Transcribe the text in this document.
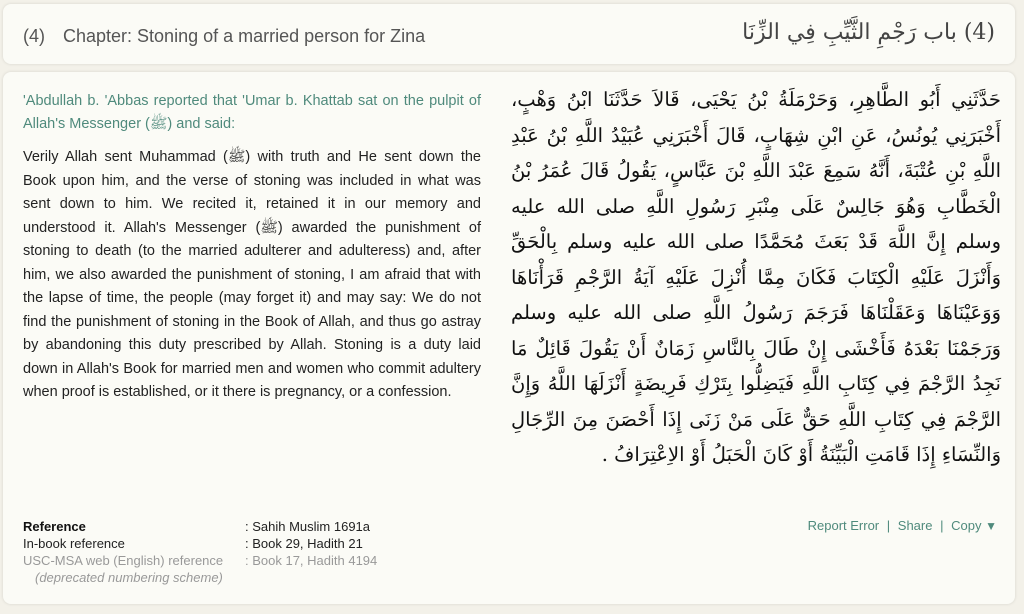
(4) Chapter: Stoning of a married person for Zina	(4) باب رَجْمِ الثَّيِّبِ فِي الزِّنَا
'Abdullah b. 'Abbas reported that 'Umar b. Khattab sat on the pulpit of Allah's Messenger (ﷺ) and said:
Verily Allah sent Muhammad (ﷺ) with truth and He sent down the Book upon him, and the verse of stoning was included in what was sent down to him. We recited it, retained it in our memory and understood it. Allah's Messenger (ﷺ) awarded the punishment of stoning to death (to the married adulterer and adulteress) and, after him, we also awarded the punishment of stoning, I am afraid that with the lapse of time, the people (may forget it) and may say: We do not find the punishment of stoning in the Book of Allah, and thus go astray by abandoning this duty prescribed by Allah. Stoning is a duty laid down in Allah's Book for married men and women who commit adultery when proof is established, or it there is pregnancy, or a confession.
حَدَّثَنِي أَبُو الطَّاهِرِ، وَحَرْمَلَةُ بْنُ يَحْيَى، قَالاَ حَدَّثَنَا ابْنُ وَهْبٍ، أَخْبَرَنِي يُونُسُ، عَنِ ابْنِ شِهَابٍ، قَالَ أَخْبَرَنِي عُبَيْدُ اللَّهِ بْنُ عَبْدِ اللَّهِ بْنِ عُتْبَةَ، أَنَّهُ سَمِعَ عَبْدَ اللَّهِ بْنَ عَبَّاسٍ، يَقُولُ قَالَ عُمَرُ بْنُ الْخَطَّابِ وَهُوَ جَالِسٌ عَلَى مِنْبَرِ رَسُولِ اللَّهِ صلى الله عليه وسلم إِنَّ اللَّهَ قَدْ بَعَثَ مُحَمَّدًا صلى الله عليه وسلم بِالْحَقِّ وَأَنْزَلَ عَلَيْهِ الْكِتَابَ فَكَانَ مِمَّا أُنْزِلَ عَلَيْهِ آيَةُ الرَّجْمِ قَرَأْنَاهَا وَوَعَيْنَاهَا وَعَقَلْنَاهَا فَرَجَمَ رَسُولُ اللَّهِ صلى الله عليه وسلم وَرَجَمْنَا بَعْدَهُ فَأَخْشَى إِنْ طَالَ بِالنَّاسِ زَمَانٌ أَنْ يَقُولَ قَائِلٌ مَا نَجِدُ الرَّجْمَ فِي كِتَابِ اللَّهِ فَيَضِلُّوا بِتَرْكِ فَرِيضَةٍ أَنْزَلَهَا اللَّهُ وَإِنَّ الرَّجْمَ فِي كِتَابِ اللَّهِ حَقٌّ عَلَى مَنْ زَنَى إِذَا أَحْصَنَ مِنَ الرِّجَالِ وَالنِّسَاءِ إِذَا قَامَتِ الْبَيِّنَةُ أَوْ كَانَ الْحَبَلُ أَوْ الاِعْتِرَافُ .
Reference	: Sahih Muslim 1691a
In-book reference	: Book 29, Hadith 21
USC-MSA web (English) reference	: Book 17, Hadith 4194
(deprecated numbering scheme)	
Report Error | Share | Copy ▼
